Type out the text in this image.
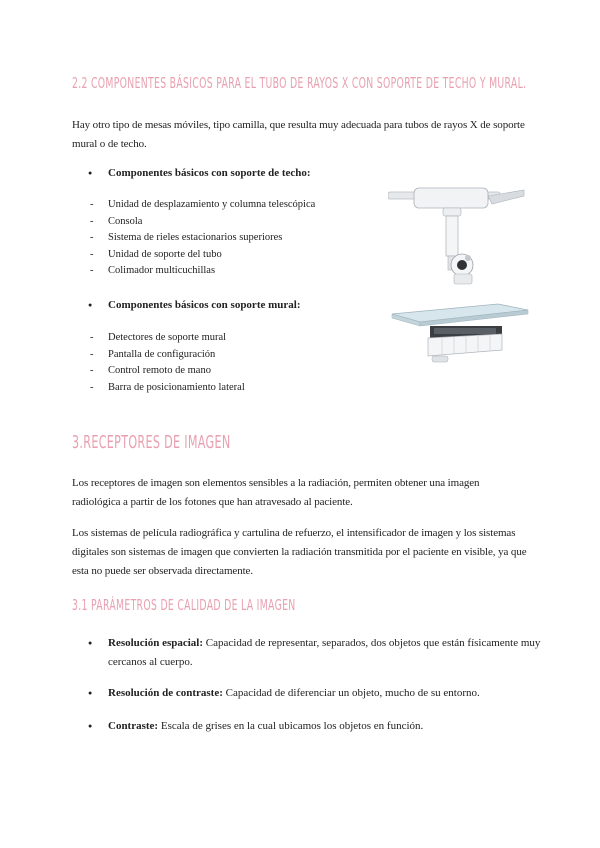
2.2 COMPONENTES BÁSICOS PARA EL TUBO DE RAYOS X CON SOPORTE DE TECHO Y MURAL.

Hay otro tipo de mesas móviles, tipo camilla, que resulta muy adecuada para tubos de rayos X de soporte mural o de techo.

● Componentes básicos con soporte de techo:

- Unidad de desplazamiento y columna telescópica
- Consola
- Sistema de rieles estacionarios superiores
- Unidad de soporte del tubo
- Colimador multicuchillas

● Componentes básicos con soporte mural:

- Detectores de soporte mural
- Pantalla de configuración
- Control remoto de mano
- Barra de posicionamiento lateral
3.RECEPTORES DE IMAGEN

Los receptores de imagen son elementos sensibles a la radiación, permiten obtener una imagen radiológica a partir de los fotones que han atravesado al paciente.

Los sistemas de película radiográfica y cartulina de refuerzo, el intensificador de imagen y los sistemas digitales son sistemas de imagen que convierten la radiación transmitida por el paciente en visible, ya que esta no puede ser observada directamente.

3.1 PARÁMETROS DE CALIDAD DE LA IMAGEN

● Resolución espacial: Capacidad de representar, separados, dos objetos que están físicamente muy cercanos al cuerpo.

● Resolución de contraste: Capacidad de diferenciar un objeto, mucho de su entorno.

● Contraste: Escala de grises en la cual ubicamos los objetos en función.
